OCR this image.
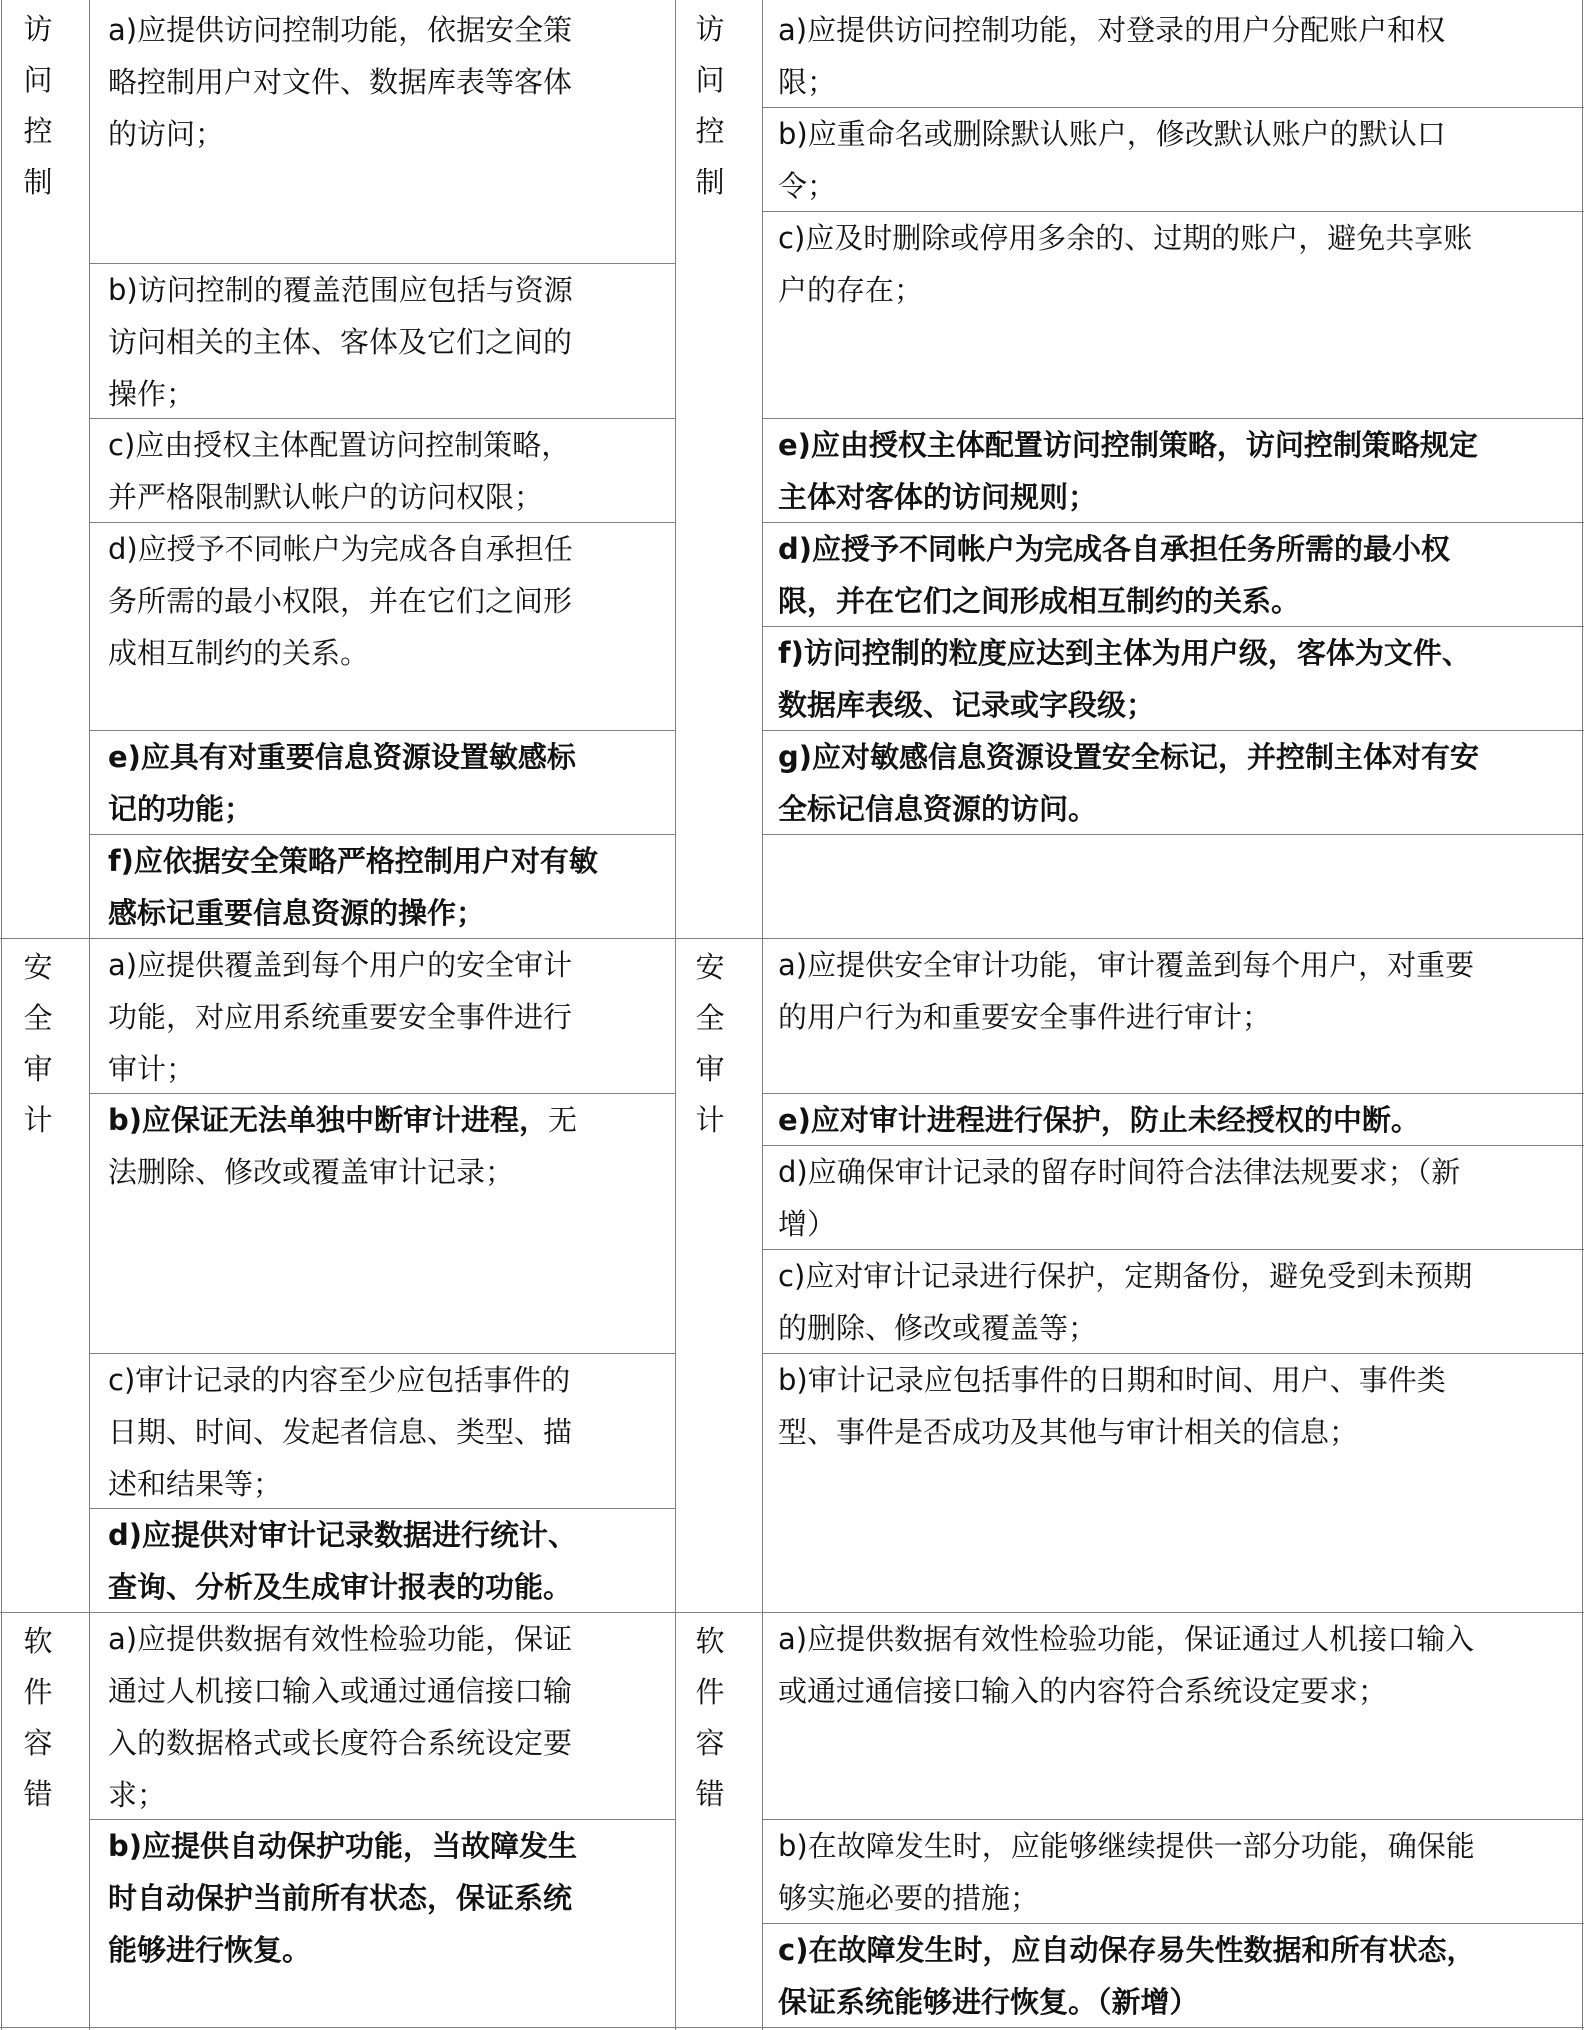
访
问
控
制
a)应提供访问控制功能，依据安全策
略控制用户对文件、数据库表等客体
的访问；
b)访问控制的覆盖范围应包括与资源
访问相关的主体、客体及它们之间的
操作；
c)应由授权主体配置访问控制策略，
并严格限制默认帐户的访问权限；
d)应授予不同帐户为完成各自承担任
务所需的最小权限，并在它们之间形
成相互制约的关系。
e)应具有对重要信息资源设置敏感标
记的功能；
f)应依据安全策略严格控制用户对有敏
感标记重要信息资源的操作；
访
问
控
制
a)应提供访问控制功能，对登录的用户分配账户和权
限；
b)应重命名或删除默认账户，修改默认账户的默认口
令；
c)应及时删除或停用多余的、过期的账户，避免共享账
户的存在；
e)应由授权主体配置访问控制策略，访问控制策略规定
主体对客体的访问规则；
d)应授予不同帐户为完成各自承担任务所需的最小权
限，并在它们之间形成相互制约的关系。
f)访问控制的粒度应达到主体为用户级，客体为文件、
数据库表级、记录或字段级；
g)应对敏感信息资源设置安全标记，并控制主体对有安
全标记信息资源的访问。
安
全
审
计
a)应提供覆盖到每个用户的安全审计
功能，对应用系统重要安全事件进行
审计；
b)应保证无法单独中断审计进程，无
法删除、修改或覆盖审计记录；
c)审计记录的内容至少应包括事件的
日期、时间、发起者信息、类型、描
述和结果等；
d)应提供对审计记录数据进行统计、
查询、分析及生成审计报表的功能。
安
全
审
计
a)应提供安全审计功能，审计覆盖到每个用户，对重要
的用户行为和重要安全事件进行审计；
e)应对审计进程进行保护，防止未经授权的中断。
d)应确保审计记录的留存时间符合法律法规要求；（新
增）
c)应对审计记录进行保护，定期备份，避免受到未预期
的删除、修改或覆盖等；
b)审计记录应包括事件的日期和时间、用户、事件类
型、事件是否成功及其他与审计相关的信息；
软
件
容
错
a)应提供数据有效性检验功能，保证
通过人机接口输入或通过通信接口输
入的数据格式或长度符合系统设定要
求；
b)应提供自动保护功能，当故障发生
时自动保护当前所有状态，保证系统
能够进行恢复。
软
件
容
错
a)应提供数据有效性检验功能，保证通过人机接口输入
或通过通信接口输入的内容符合系统设定要求；
b)在故障发生时，应能够继续提供一部分功能，确保能
够实施必要的措施；
c)在故障发生时，应自动保存易失性数据和所有状态，
保证系统能够进行恢复。（新增）
